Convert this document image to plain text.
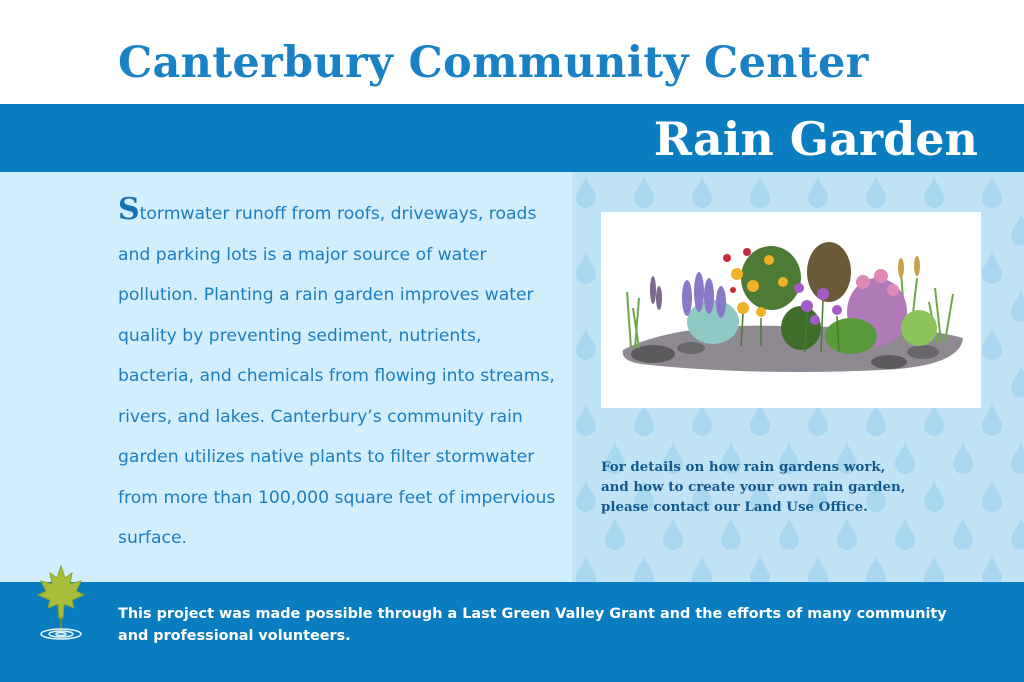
Canterbury Community Center
Rain Garden

Stormwater runoff from roofs, driveways, roads and parking lots is a major source of water pollution. Planting a rain garden improves water quality by preventing sediment, nutrients, bacteria, and chemicals from flowing into streams, rivers, and lakes. Canterbury’s community rain garden utilizes native plants to filter stormwater from more than 100,000 square feet of impervious surface.

For details on how rain gardens work,
and how to create your own rain garden,
please contact our Land Use Office.

This project was made possible through a Last Green Valley Grant and the efforts of many community
and professional volunteers.
